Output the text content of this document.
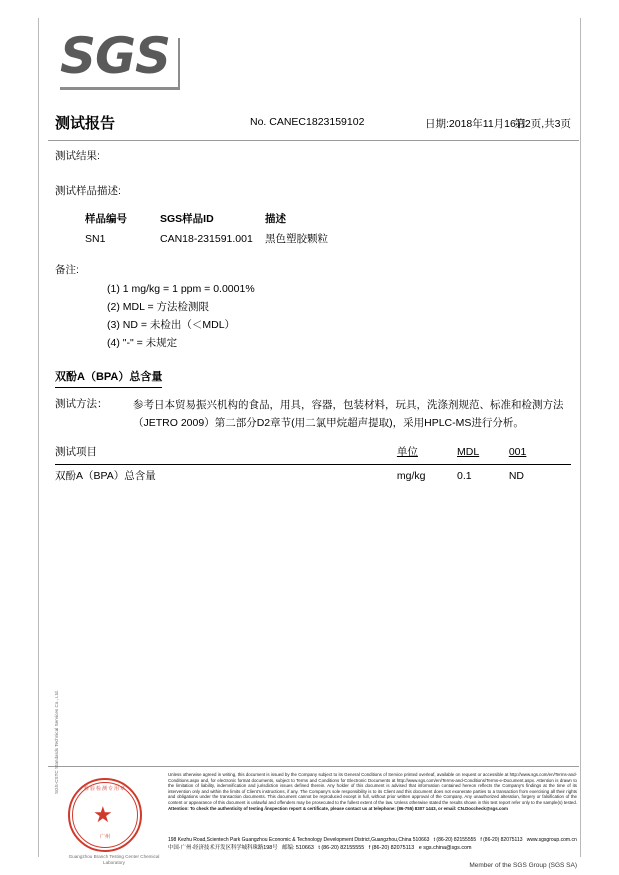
SGS
测试报告	No. CANEC1823159102	日期:2018年11月16日
第2页,共3页
测试结果:
测试样品描述:
样品编号	SGS样品ID	描述
SN1	CAN18-231591.001	黑色塑胶颗粒
备注:
(1) 1 mg/kg = 1 ppm = 0.0001%
(2) MDL = 方法检测限
(3) ND = 未检出（＜MDL）
(4) "-" = 未规定
双酚A（BPA）总含量
测试方法： 参考日本贸易振兴机构的食品，用具，容器，包装材料，玩具，洗涤剂规范、标准和检测方法（JETRO 2009）第二部分D2章节(用二氯甲烷超声提取)，采用HPLC-MS进行分析。
测试项目	单位	MDL	001
双酚A（BPA）总含量	mg/kg	0.1	ND
检验检测专用章
★
广州
SGS-CSTC Standards Technical Services Co., Ltd.
Guangzhou Branch Testing Center Chemical Laboratory
Unless otherwise agreed in writing, this document is issued by the Company subject to its General Conditions of Service printed overleaf, available on request or accessible at http://www.sgs.com/en/Terms-and-Conditions.aspx and, for electronic format documents, subject to Terms and Conditions for Electronic Documents at http://www.sgs.com/en/Terms-and-Conditions/Terms-e-Document.aspx. Attention is drawn to the limitation of liability, indemnification and jurisdiction issues defined therein. Any holder of this document is advised that information contained hereon reflects the Company's findings at the time of its intervention only and within the limits of Client's instructions, if any. The Company's sole responsibility is to its Client and this document does not exonerate parties to a transaction from exercising all their rights and obligations under the transaction documents. This document cannot be reproduced except in full, without prior written approval of the Company. Any unauthorized alteration, forgery or falsification of the content or appearance of this document is unlawful and offenders may be prosecuted to the fullest extent of the law. Unless otherwise stated the results shown in this test report refer only to the sample(s) tested. Attention: To check the authenticity of testing /inspection report & certificate, please contact us at telephone: (86-755) 8307 1443, or email: CN.Doccheck@sgs.com
198 Kezhu Road,Scientech Park Guangzhou Economic & Technology Development District,Guangzhou,China 510663 t (86-20) 82155555 f (86-20) 82075113 www.sgsgroup.com.cn
中国·广州·经济技术开发区科学城科珠路198号 邮编: 510663 t (86-20) 82155555 f (86-20) 82075113 e sgs.china@sgs.com
Member of the SGS Group (SGS SA)
